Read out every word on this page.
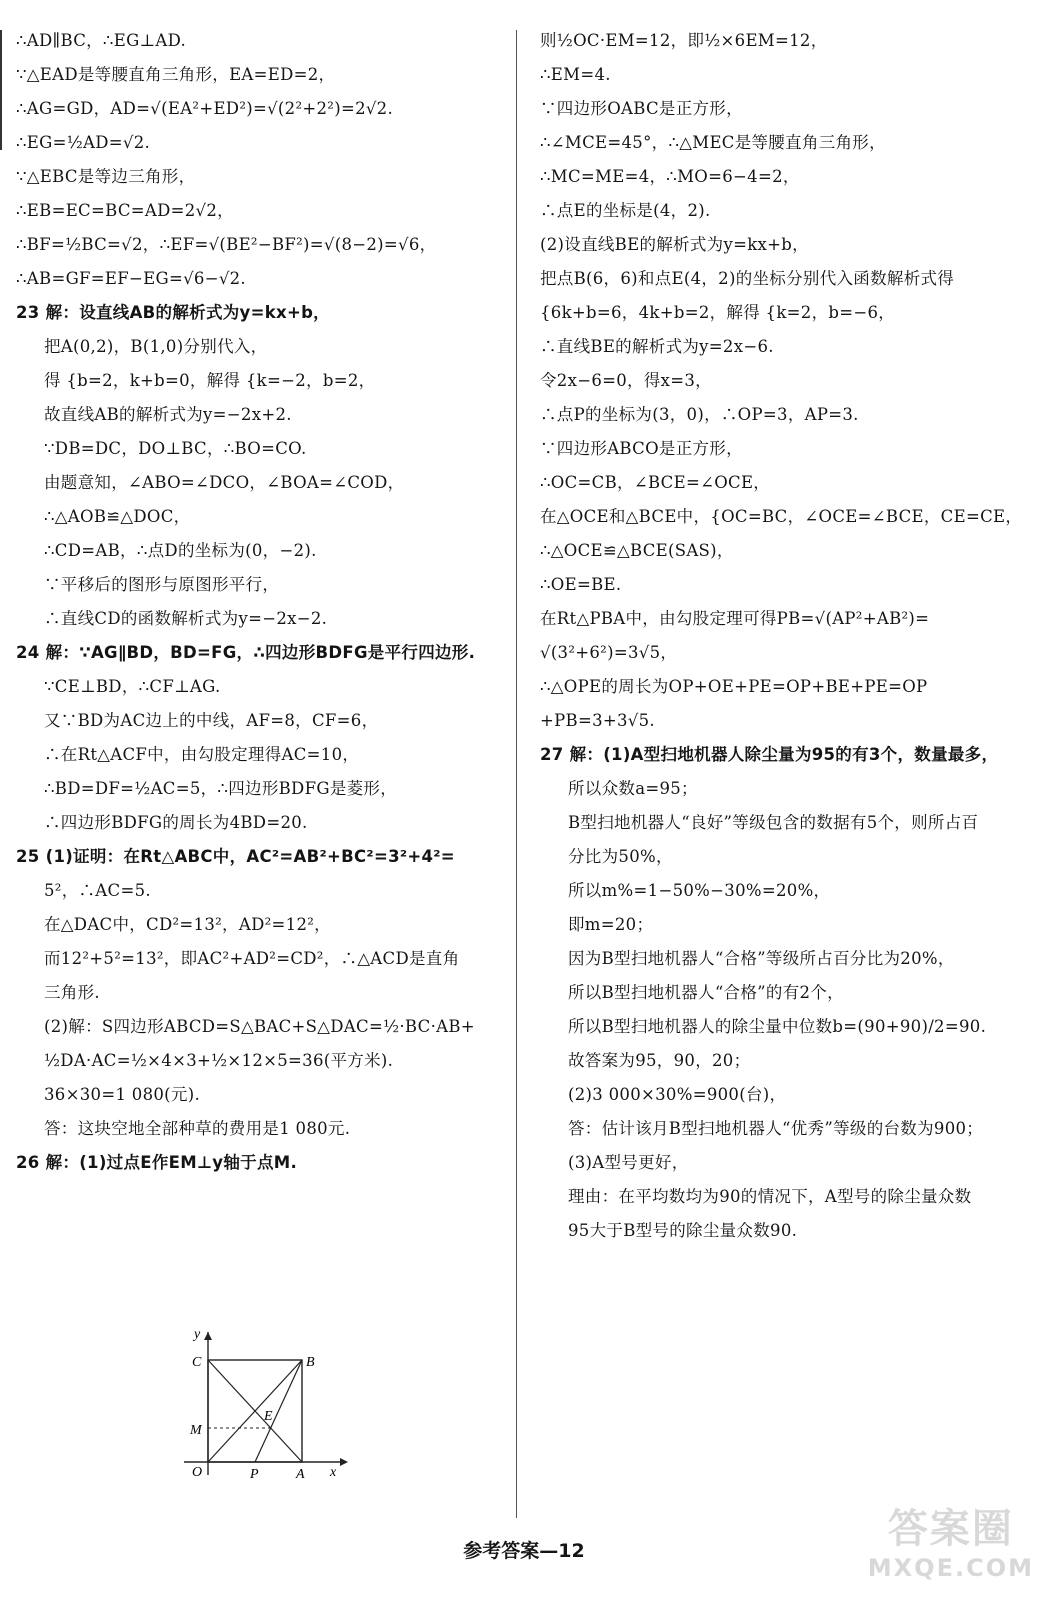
∴AD∥BC，∴EG⊥AD.
∵△EAD是等腰直角三角形，EA=ED=2，
∴AG=GD，AD=√(EA²+ED²)=√(2²+2²)=2√2.
∴EG=½AD=√2.
∵△EBC是等边三角形，
∴EB=EC=BC=AD=2√2，
∴BF=½BC=√2，∴EF=√(BE²−BF²)=√(8−2)=√6，
∴AB=GF=EF−EG=√6−√2.
23 解：设直线AB的解析式为y=kx+b，
把A(0,2)，B(1,0)分别代入，
得 {b=2，k+b=0，解得 {k=−2，b=2，
故直线AB的解析式为y=−2x+2.
∵DB=DC，DO⊥BC，∴BO=CO.
由题意知，∠ABO=∠DCO，∠BOA=∠COD，
∴△AOB≌△DOC，
∴CD=AB，∴点D的坐标为(0，−2).
∵平移后的图形与原图形平行，
∴直线CD的函数解析式为y=−2x−2.
24 解：∵AG∥BD，BD=FG，∴四边形BDFG是平行四边形.
∵CE⊥BD，∴CF⊥AG.
又∵BD为AC边上的中线，AF=8，CF=6，
∴在Rt△ACF中，由勾股定理得AC=10，
∴BD=DF=½AC=5，∴四边形BDFG是菱形，
∴四边形BDFG的周长为4BD=20.
25 (1)证明：在Rt△ABC中，AC²=AB²+BC²=3²+4²=
5²，∴AC=5.
在△DAC中，CD²=13²，AD²=12²，
而12²+5²=13²，即AC²+AD²=CD²，∴△ACD是直角
三角形.
(2)解：S四边形ABCD=S△BAC+S△DAC=½·BC·AB+
½DA·AC=½×4×3+½×12×5=36(平方米).
36×30=1 080(元).
答：这块空地全部种草的费用是1 080元.
26 解：(1)过点E作EM⊥y轴于点M.
则½OC·EM=12，即½×6EM=12，
∴EM=4.
∵四边形OABC是正方形，
∴∠MCE=45°，∴△MEC是等腰直角三角形，
∴MC=ME=4，∴MO=6−4=2，
∴点E的坐标是(4，2).
(2)设直线BE的解析式为y=kx+b，
把点B(6，6)和点E(4，2)的坐标分别代入函数解析式得
{6k+b=6，4k+b=2，解得 {k=2，b=−6，
∴直线BE的解析式为y=2x−6.
令2x−6=0，得x=3，
∴点P的坐标为(3，0)，∴OP=3，AP=3.
∵四边形ABCO是正方形，
∴OC=CB，∠BCE=∠OCE，
在△OCE和△BCE中，{OC=BC，∠OCE=∠BCE，CE=CE，
∴△OCE≌△BCE(SAS)，
∴OE=BE.
在Rt△PBA中，由勾股定理可得PB=√(AP²+AB²)=
√(3²+6²)=3√5，
∴△OPE的周长为OP+OE+PE=OP+BE+PE=OP
+PB=3+3√5.
27 解：(1)A型扫地机器人除尘量为95的有3个，数量最多，
所以众数a=95；
B型扫地机器人“良好”等级包含的数据有5个，则所占百
分比为50%，
所以m%=1−50%−30%=20%，
即m=20；
因为B型扫地机器人“合格”等级所占百分比为20%，
所以B型扫地机器人“合格”的有2个，
所以B型扫地机器人的除尘量中位数b=(90+90)/2=90.
故答案为95，90，20；
(2)3 000×30%=900(台)，
答：估计该月B型扫地机器人“优秀”等级的台数为900；
(3)A型号更好，
理由：在平均数均为90的情况下，A型号的除尘量众数
95大于B型号的除尘量众数90.
y
x
C	B
E
M
O	P	A
参考答案—12	答案圈
MXQE.COM
